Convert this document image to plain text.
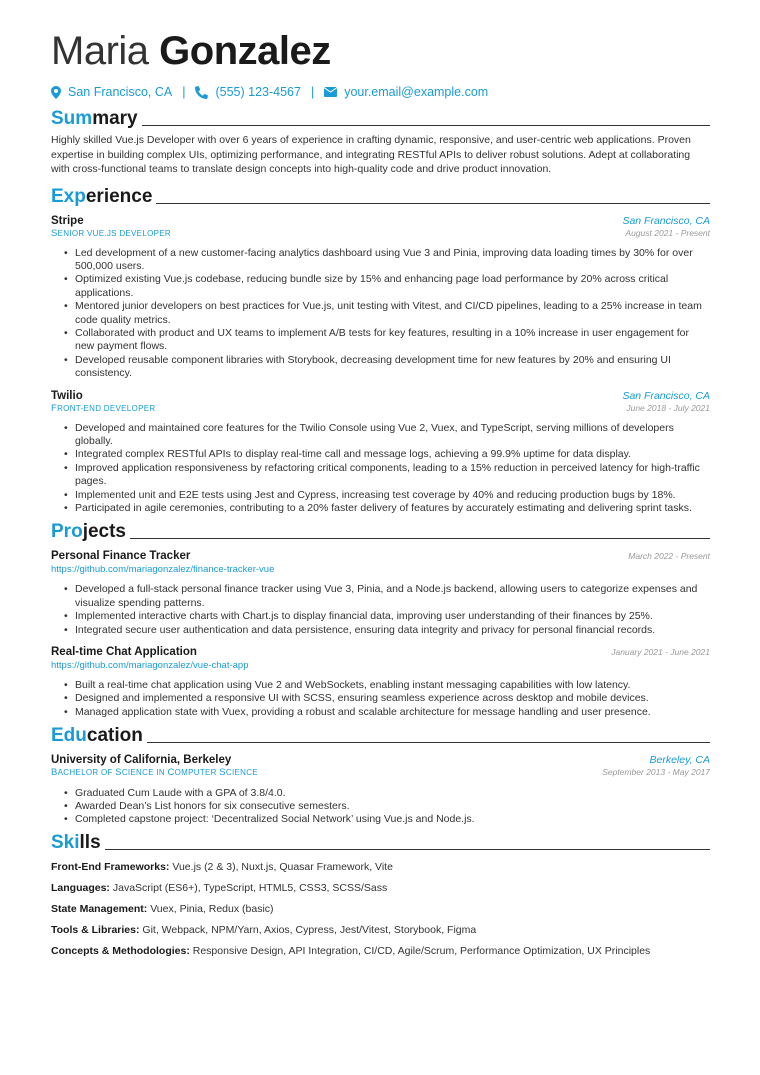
Maria Gonzalez
San Francisco, CA | (555) 123-4567 | your.email@example.com
Sum mary

Highly skilled Vue.js Developer with over 6 years of experience in crafting dynamic, responsive, and user-centric web applications. Proven expertise in building complex UIs, optimizing performance, and integrating RESTful APIs to deliver robust solutions. Adept at collaborating with cross-functional teams to translate design concepts into high-quality code and drive product innovation.

Exp erience
Stripe	San Francisco, CA
SENIOR VUE.JS DEVELOPER	August 2021 - Present
• Led development of a new customer-facing analytics dashboard using Vue 3 and Pinia, improving data loading times by 30% for over 500,000 users.
• Optimized existing Vue.js codebase, reducing bundle size by 15% and enhancing page load performance by 20% across critical applications.
• Mentored junior developers on best practices for Vue.js, unit testing with Vitest, and CI/CD pipelines, leading to a 25% increase in team code quality metrics.
• Collaborated with product and UX teams to implement A/B tests for key features, resulting in a 10% increase in user engagement for new payment flows.
• Developed reusable component libraries with Storybook, decreasing development time for new features by 20% and ensuring UI consistency.
Twilio	San Francisco, CA
FRONT-END DEVELOPER	June 2018 - July 2021
• Developed and maintained core features for the Twilio Console using Vue 2, Vuex, and TypeScript, serving millions of developers globally.
• Integrated complex RESTful APIs to display real-time call and message logs, achieving a 99.9% uptime for data display.
• Improved application responsiveness by refactoring critical components, leading to a 15% reduction in perceived latency for high-traffic pages.
• Implemented unit and E2E tests using Jest and Cypress, increasing test coverage by 40% and reducing production bugs by 18%.
• Participated in agile ceremonies, contributing to a 20% faster delivery of features by accurately estimating and delivering sprint tasks.
Pro jects
Personal Finance Tracker	March 2022 - Present
https://github.com/mariagonzalez/finance-tracker-vue
• Developed a full-stack personal finance tracker using Vue 3, Pinia, and a Node.js backend, allowing users to categorize expenses and visualize spending patterns.
• Implemented interactive charts with Chart.js to display financial data, improving user understanding of their finances by 25%.
• Integrated secure user authentication and data persistence, ensuring data integrity and privacy for personal financial records.
Real-time Chat Application	January 2021 - June 2021
https://github.com/mariagonzalez/vue-chat-app
• Built a real-time chat application using Vue 2 and WebSockets, enabling instant messaging capabilities with low latency.
• Designed and implemented a responsive UI with SCSS, ensuring seamless experience across desktop and mobile devices.
• Managed application state with Vuex, providing a robust and scalable architecture for message handling and user presence.
Edu cation
University of California, Berkeley	Berkeley, CA
BACHELOR OF SCIENCE IN COMPUTER SCIENCE	September 2013 - May 2017
• Graduated Cum Laude with a GPA of 3.8/4.0.
• Awarded Dean’s List honors for six consecutive semesters.
• Completed capstone project: ‘Decentralized Social Network’ using Vue.js and Node.js.
Ski lls
Front-End Frameworks: Vue.js (2 & 3), Nuxt.js, Quasar Framework, Vite
Languages: JavaScript (ES6+), TypeScript, HTML5, CSS3, SCSS/Sass
State Management: Vuex, Pinia, Redux (basic)
Tools & Libraries: Git, Webpack, NPM/Yarn, Axios, Cypress, Jest/Vitest, Storybook, Figma
Concepts & Methodologies: Responsive Design, API Integration, CI/CD, Agile/Scrum, Performance Optimization, UX Principles
